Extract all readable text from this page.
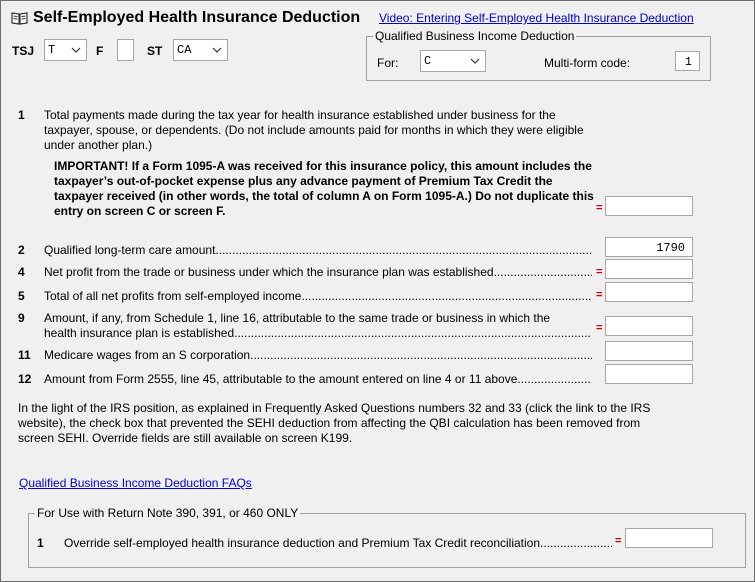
Self-Employed Health Insurance Deduction Video: Entering Self-Employed Health Insurance Deduction
TSJ	T	F	ST	CA
Qualified Business Income Deduction
For:	C	Multi-form code:	1
1 Total payments made during the tax year for health insurance established under business for the taxpayer, spouse, or dependents. (Do not include amounts paid for months in which they were eligible under another plan.)
IMPORTANT! If a Form 1095-A was received for this insurance policy, this amount includes the taxpayer’s out-of-pocket expense plus any advance payment of Premium Tax Credit the taxpayer received (in other words, the total of column A on Form 1095-A.) Do not duplicate this entry on screen C or screen F.	=
2 Qualified long-term care amount .....	1790
4 Net profit from the trade or business under which the insurance plan was established .....	=
5 Total of all net profits from self-employed income .....	=
9 Amount, if any, from Schedule 1, line 16, attributable to the same trade or business in which the
health insurance plan is established .....	=
11 Medicare wages from an S corporation
.....
12 Amount from Form 2555, line 45, attributable to the amount entered on line 4 or 11 above
.....
In the light of the IRS position, as explained in Frequently Asked Questions numbers 32 and 33 (click the link to the IRS website), the check box that prevented the SEHI deduction from affecting the QBI calculation has been removed from screen SEHI. Override fields are still available on screen K199.
Qualified Business Income Deduction FAQs
For Use with Return Note 390, 391, or 460 ONLY
1 Override self-employed health insurance deduction and Premium Tax Credit reconciliation .....	=
